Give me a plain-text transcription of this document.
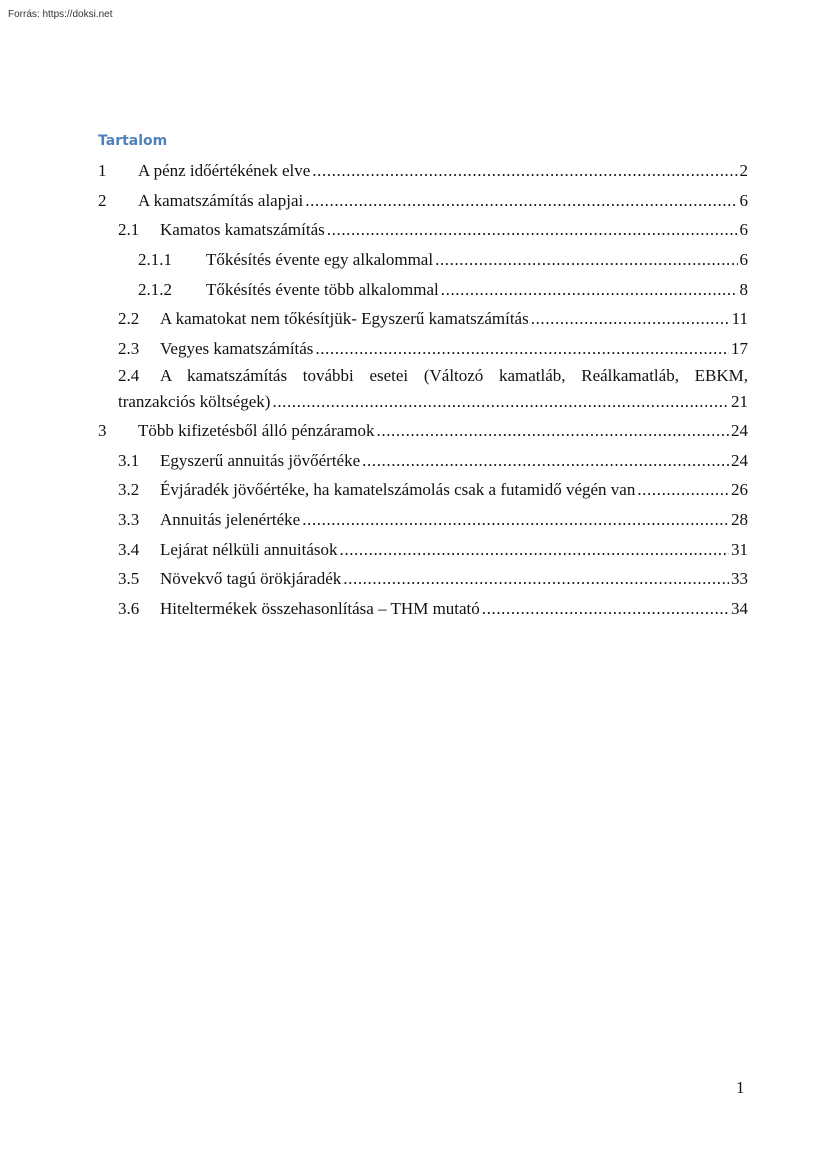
Forrás: https://doksi.net
Tartalom
1	A pénz időértékének elve .....	2
2	A kamatszámítás alapjai .....	6
2.1	Kamatos kamatszámítás .....	6
2.1.1	Tőkésítés évente egy alkalommal .....	6
2.1.2	Tőkésítés évente több alkalommal .....	8
2.2	A kamatokat nem tőkésítjük- Egyszerű kamatszámítás .....	11
2.3	Vegyes kamatszámítás .....	17
2.4	A kamatszámítás további esetei (Változó kamatláb, Reálkamatláb, EBKM,
tranzakciós költségek) .....	21
3	Több kifizetésből álló pénzáramok .....	24
3.1	Egyszerű annuitás jövőértéke .....	24
3.2	Évjáradék jövőértéke, ha kamatelszámolás csak a futamidő végén van .....	26
3.3	Annuitás jelenértéke .....	28
3.4	Lejárat nélküli annuitások .....	31
3.5	Növekvő tagú örökjáradék .....	33
3.6	Hiteltermékek összehasonlítása – THM mutató .....	34
1
